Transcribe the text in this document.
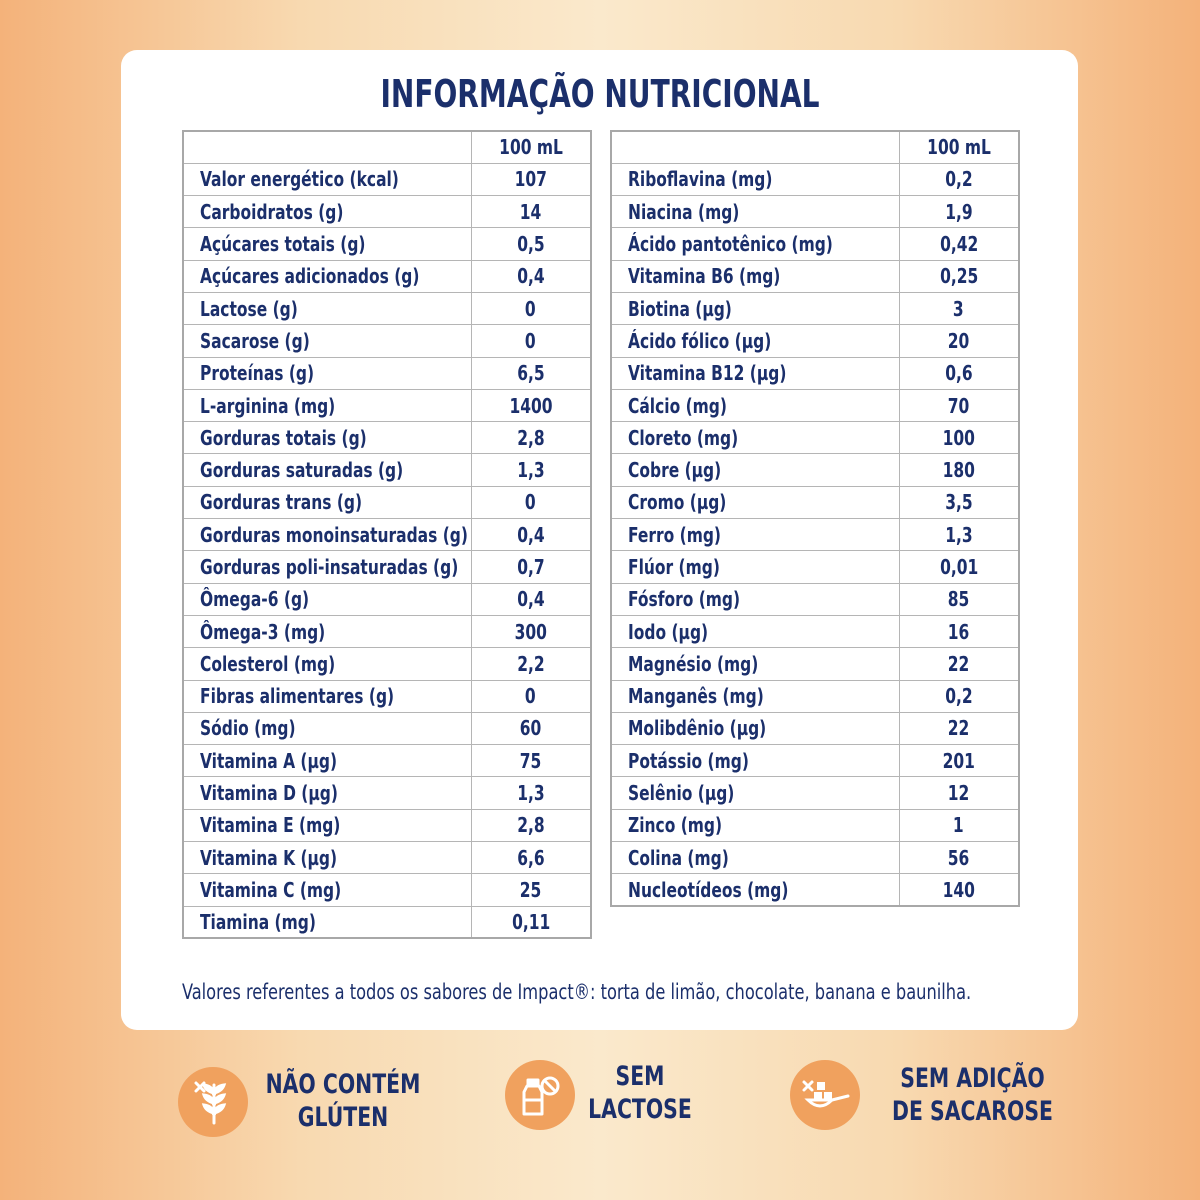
INFORMAÇÃO NUTRICIONAL
	100 mL
Valor energético (kcal)	107
Carboidratos (g)	14
Açúcares totais (g)	0,5
Açúcares adicionados (g)	0,4
Lactose (g)	0
Sacarose (g)	0
Proteínas (g)	6,5
L-arginina (mg)	1400
Gorduras totais (g)	2,8
Gorduras saturadas (g)	1,3
Gorduras trans (g)	0
Gorduras monoinsaturadas (g)	0,4
Gorduras poli-insaturadas (g)	0,7
Ômega-6 (g)	0,4
Ômega-3 (mg)	300
Colesterol (mg)	2,2
Fibras alimentares (g)	0
Sódio (mg)	60
Vitamina A (µg)	75
Vitamina D (µg)	1,3
Vitamina E (mg)	2,8
Vitamina K (µg)	6,6
Vitamina C (mg)	25
Tiamina (mg)	0,11
	100 mL
Riboflavina (mg)	0,2
Niacina (mg)	1,9
Ácido pantotênico (mg)	0,42
Vitamina B6 (mg)	0,25
Biotina (µg)	3
Ácido fólico (µg)	20
Vitamina B12 (µg)	0,6
Cálcio (mg)	70
Cloreto (mg)	100
Cobre (µg)	180
Cromo (µg)	3,5
Ferro (mg)	1,3
Flúor (mg)	0,01
Fósforo (mg)	85
Iodo (µg)	16
Magnésio (mg)	22
Manganês (mg)	0,2
Molibdênio (µg)	22
Potássio (mg)	201
Selênio (µg)	12
Zinco (mg)	1
Colina (mg)	56
Nucleotídeos (mg)	140
Valores referentes a todos os sabores de Impact®: torta de limão, chocolate, banana e baunilha.
NÃO CONTÉM
GLÚTEN
SEM
LACTOSE
SEM ADIÇÃO
DE SACAROSE
